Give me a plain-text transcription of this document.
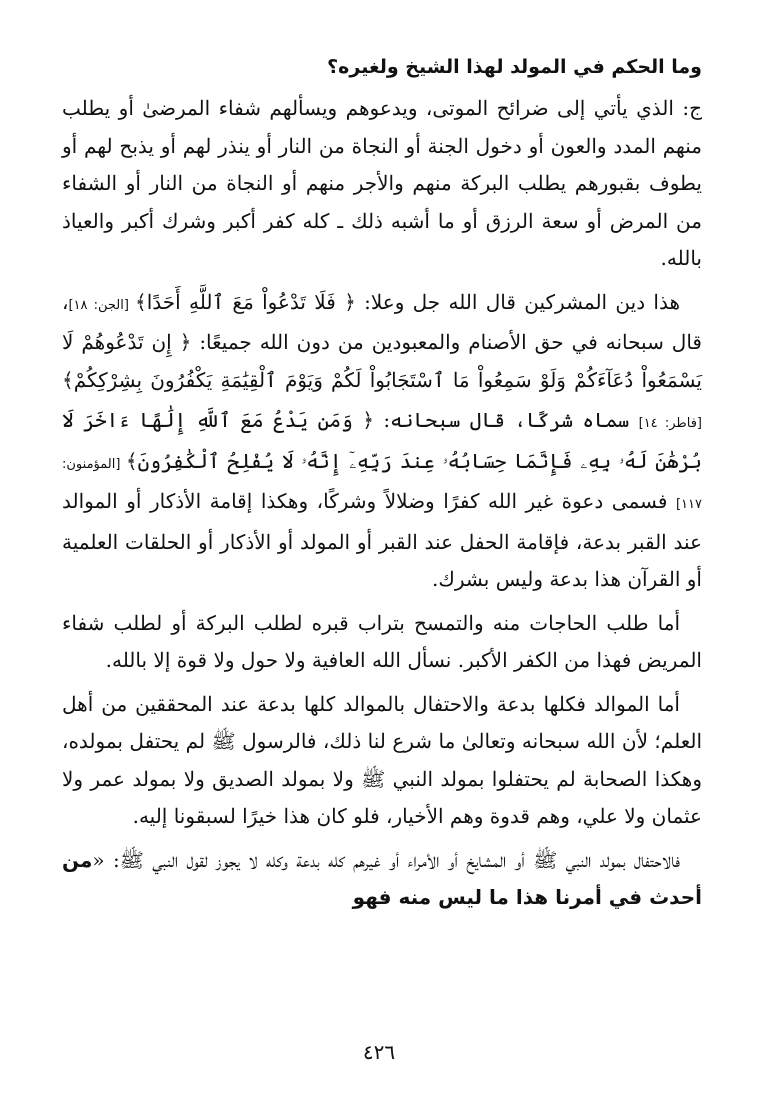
وما الحكم في المولد لهذا الشيخ ولغيره؟

ج: الذي يأتي إلى ضرائح الموتى، ويدعوهم ويسألهم شفاء المرضىٰ أو يطلب منهم المدد والعون أو دخول الجنة أو النجاة من النار أو ينذر لهم أو يذبح لهم أو يطوف بقبورهم يطلب البركة منهم والأجر منهم أو النجاة من النار أو الشفاء من المرض أو سعة الرزق أو ما أشبه ذلك ـ كله كفر أكبر وشرك أكبر والعياذ بالله.

هذا دين المشركين قال الله جل وعلا: ﴿ فَلَا تَدْعُواْ مَعَ ٱللَّهِ أَحَدًا﴾ [الجن: ١٨]، قال سبحانه في حق الأصنام والمعبودين من دون الله جميعًا: ﴿ إِن تَدْعُوهُمْ لَا يَسْمَعُواْ دُعَآءَكُمْ وَلَوْ سَمِعُواْ مَا ٱسْتَجَابُواْ لَكُمْ وَيَوْمَ ٱلْقِيَٰمَةِ يَكْفُرُونَ بِشِرْكِكُمْ﴾ [فاطر: ١٤] سماه شركًا، قال سبحانه: ﴿ وَمَن يَدْعُ مَعَ ٱللَّهِ إِلَٰهًا ءَاخَرَ لَا بُرْهَٰنَ لَهُۥ بِهِۦ فَإِنَّمَا حِسَابُهُۥ عِندَ رَبِّهِۦٓ إِنَّهُۥ لَا يُفْلِحُ ٱلْكَٰفِرُونَ﴾ [المؤمنون: ١١٧] فسمى دعوة غير الله كفرًا وضلالاً وشركًا، وهكذا إقامة الأذكار أو الموالد عند القبر بدعة، فإقامة الحفل عند القبر أو المولد أو الأذكار أو الحلقات العلمية أو القرآن هذا بدعة وليس بشرك.

أما طلب الحاجات منه والتمسح بتراب قبره لطلب البركة أو لطلب شفاء المريض فهذا من الكفر الأكبر. نسأل الله العافية ولا حول ولا قوة إلا بالله.

أما الموالد فكلها بدعة والاحتفال بالموالد كلها بدعة عند المحققين من أهل العلم؛ لأن الله سبحانه وتعالىٰ ما شرع لنا ذلك، فالرسول ﷺ لم يحتفل بمولده، وهكذا الصحابة لم يحتفلوا بمولد النبي ﷺ ولا بمولد الصديق ولا بمولد عمر ولا عثمان ولا علي، وهم قدوة وهم الأخيار، فلو كان هذا خيرًا لسبقونا إليه.

فالاحتفال بمولد النبي ﷺ أو المشايخ أو الأمراء أو غيرهم كله بدعة وكله لا يجوز لقول النبي ﷺ: «من أحدث في أمرنا هذا ما ليس منه فهو

٤٢٦
